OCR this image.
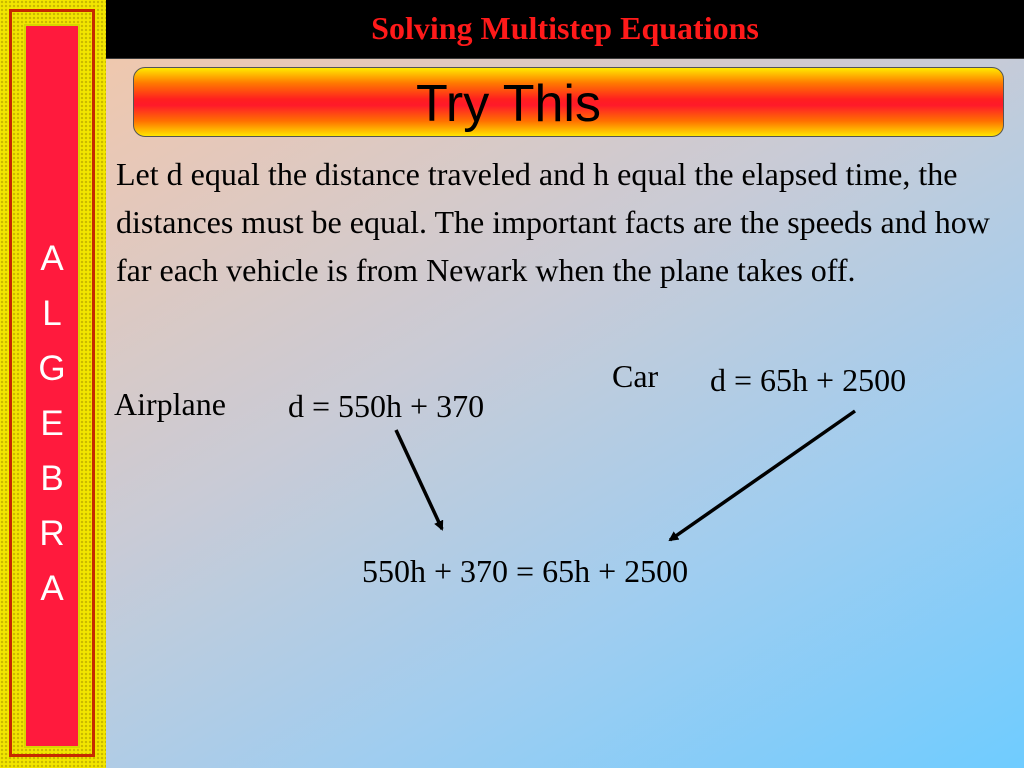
ALGEBRA
Solving Multistep Equations
Try This
Let d equal the distance traveled and h equal the elapsed time, the distances must be equal. The important facts are the speeds and how far each vehicle is from Newark when the plane takes off.
Car d = 65h + 2500
Airplane d = 550h + 370
550h + 370 = 65h + 2500
